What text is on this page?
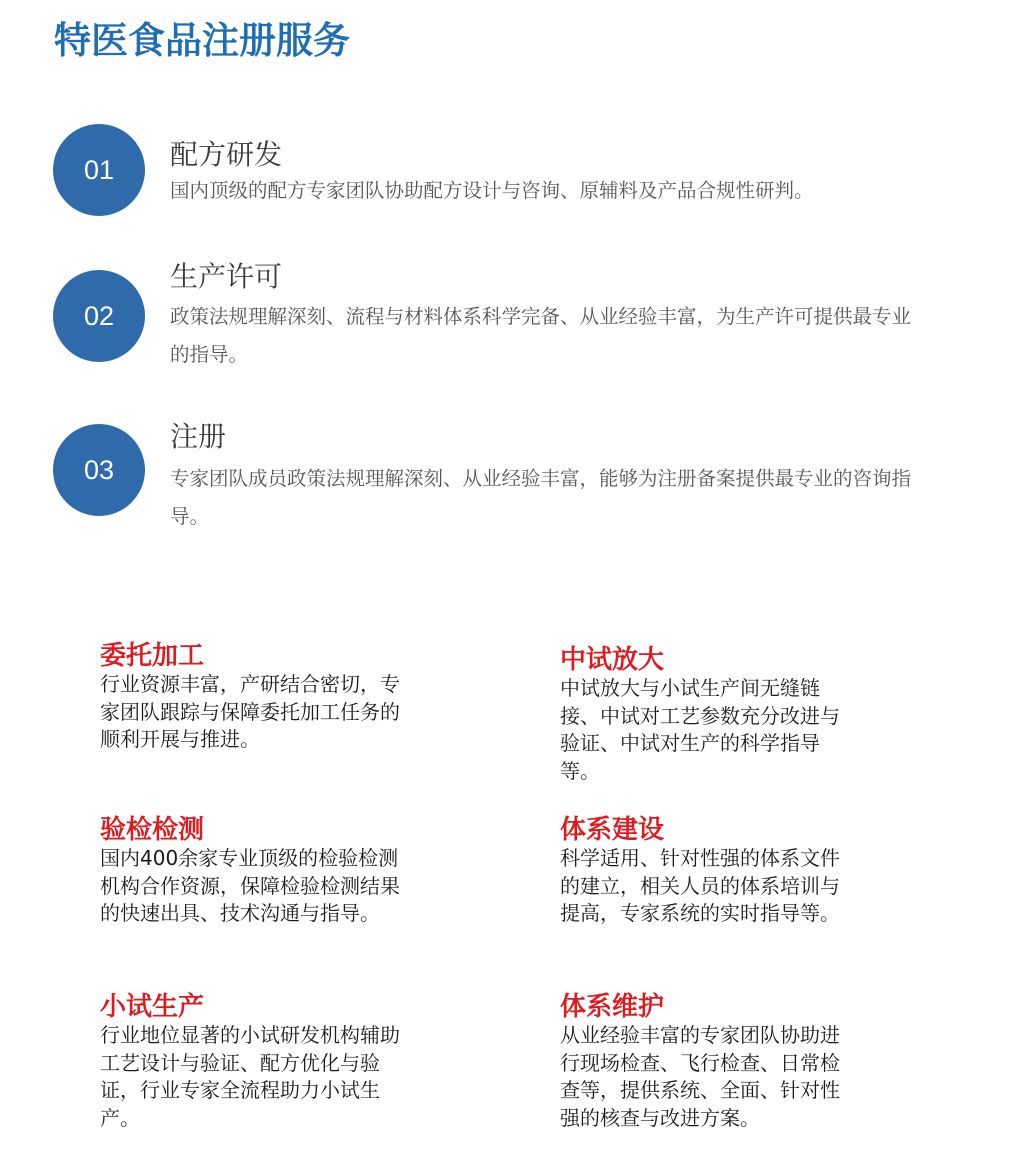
特医食品注册服务
01	配方研发

国内顶级的配方专家团队协助配方设计与咨询、原辅料及产品合规性研判。

02
生产许可

政策法规理解深刻、流程与材料体系科学完备、从业经验丰富，为生产许可提供最专业的指导。

03
注册

专家团队成员政策法规理解深刻、从业经验丰富，能够为注册备案提供最专业的咨询指导。

委托加工

行业资源丰富，产研结合密切，专家团队跟踪与保障委托加工任务的顺利开展与推进。

中试放大

中试放大与小试生产间无缝链接、中试对工艺参数充分改进与验证、中试对生产的科学指导等。

验检检测

国内400余家专业顶级的检验检测机构合作资源，保障检验检测结果的快速出具、技术沟通与指导。

体系建设

科学适用、针对性强的体系文件的建立，相关人员的体系培训与提高，专家系统的实时指导等。

小试生产

行业地位显著的小试研发机构辅助工艺设计与验证、配方优化与验证，行业专家全流程助力小试生产。

体系维护

从业经验丰富的专家团队协助进行现场检查、飞行检查、日常检查等，提供系统、全面、针对性强的核查与改进方案。
